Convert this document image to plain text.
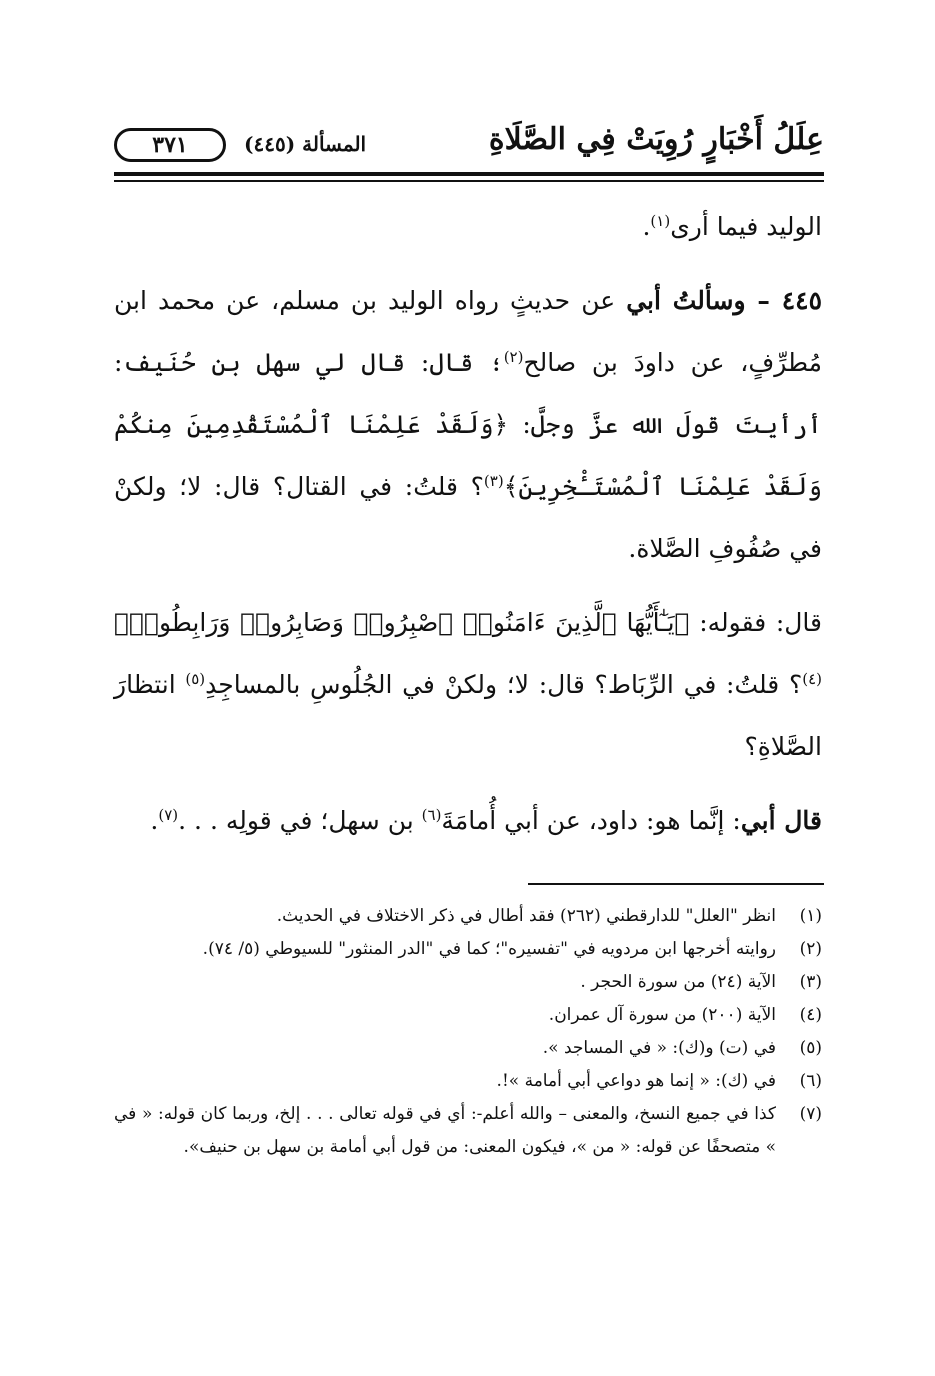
عِلَلُ أَخْبَارٍ رُوِيَتْ فِي الصَّلَاةِ
المسألة (٤٤٥)
٣٧١

الوليد فيما أرى$^{(١)}$.

٤٤٥ – وسألتُ أبي عن حديثٍ رواه الوليد بن مسلم، عن محمد ابن مُطرِّفٍ، عن داودَ بن صالح$^{(٢)}$؛ قال: قال لي سهل بن حُنَيف: أرأيتَ قولَ الله عزَّ وجلَّ: ﴿وَلَقَدْ عَلِمْنَا ٱلْمُسْتَقْدِمِينَ مِنكُمْ وَلَقَدْ عَلِمْنَا ٱلْمُسْتَـْٔخِرِينَ﴾$^{(٣)}$؟ قلتُ: في القتال؟ قال: لا؛ ولكنْ في صُفُوفِ الصَّلاة.

قال: فقوله: ﴿يَـٰٓأَيُّهَا ٱلَّذِينَ ءَامَنُوا۟ ٱصْبِرُوا۟ وَصَابِرُوا۟ وَرَابِطُوا۟﴾$^{(٤)}$؟ قلتُ: في الرِّبَاط؟ قال: لا؛ ولكنْ في الجُلُوسِ بالمساجِدِ$^{(٥)}$ انتظارَ الصَّلاةِ؟

قال أبي: إنَّما هو: داود، عن أبي أُمامَةَ$^{(٦)}$ بن سهل؛ في قولِه . . .$^{(٧)}$.

(١)
انظر "العلل" للدارقطني (٢٦٢) فقد أطال في ذكر الاختلاف في الحديث.
(٢)
روايته أخرجها ابن مردويه في "تفسيره"؛ كما في "الدر المنثور" للسيوطي (٥/ ٧٤).
(٣)
الآية (٢٤) من سورة الحجر .
(٤)
الآية (٢٠٠) من سورة آل عمران.
(٥)
في (ت) و(ك): « في المساجد ».
(٦)
في (ك): « إنما هو دواعي أبي أمامة »!.
(٧)
كذا في جميع النسخ، والمعنى – والله أعلم-: أي في قوله تعالى . . . إلخ، وربما كان قوله: « في » متصحفًا عن قوله: « من »، فيكون المعنى: من قول أبي أمامة بن سهل بن حنيف».
